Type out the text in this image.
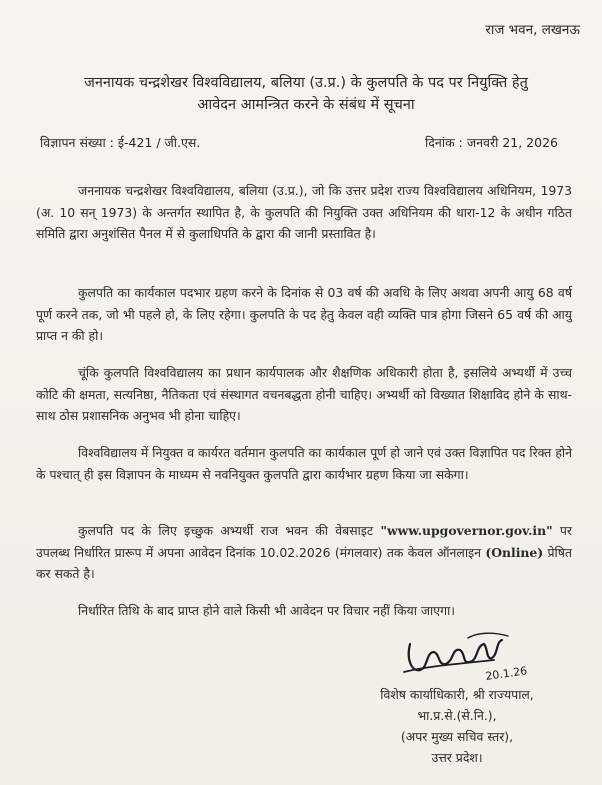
राज भवन, लखनऊ
जननायक चन्द्रशेखर विश्वविद्यालय, बलिया (उ.प्र.) के कुलपति के पद पर नियुक्ति हेतु
आवेदन आमन्त्रित करने के संबंध में सूचना
विज्ञापन संख्या : ई-421 / जी.एस.	दिनांक : जनवरी 21, 2026
जननायक चन्द्रशेखर विश्वविद्यालय, बलिया (उ.प्र.), जो कि उत्तर प्रदेश राज्य विश्वविद्यालय अधिनियम, 1973 (अ. 10 सन् 1973) के अन्तर्गत स्थापित है, के कुलपति की नियुक्ति उक्त अधिनियम की धारा-12 के अधीन गठित समिति द्वारा अनुशंसित पैनल में से कुलाधिपति के द्वारा की जानी प्रस्तावित है।
कुलपति का कार्यकाल पदभार ग्रहण करने के दिनांक से 03 वर्ष की अवधि के लिए अथवा अपनी आयु 68 वर्ष पूर्ण करने तक, जो भी पहले हो, के लिए रहेगा। कुलपति के पद हेतु केवल वही व्यक्ति पात्र होगा जिसने 65 वर्ष की आयु प्राप्त न की हो।
चूंकि कुलपति विश्वविद्यालय का प्रधान कार्यपालक और शैक्षणिक अधिकारी होता है, इसलिये अभ्यर्थी में उच्च कोटि की क्षमता, सत्यनिष्ठा, नैतिकता एवं संस्थागत वचनबद्धता होनी चाहिए। अभ्यर्थी को विख्यात शिक्षाविद होने के साथ-साथ ठोस प्रशासनिक अनुभव भी होना चाहिए।
विश्वविद्यालय में नियुक्त व कार्यरत वर्तमान कुलपति का कार्यकाल पूर्ण हो जाने एवं उक्त विज्ञापित पद रिक्त होने के पश्चात् ही इस विज्ञापन के माध्यम से नवनियुक्त कुलपति द्वारा कार्यभार ग्रहण किया जा सकेगा।
कुलपति पद के लिए इच्छुक अभ्यर्थी राज भवन की वेबसाइट "www.upgovernor.gov.in" पर उपलब्ध निर्धारित प्रारूप में अपना आवेदन दिनांक 10.02.2026 (मंगलवार) तक केवल ऑनलाइन (Online) प्रेषित कर सकते है।
निर्धारित तिथि के बाद प्राप्त होने वाले किसी भी आवेदन पर विचार नहीं किया जाएगा।
20.1.26
विशेष कार्याधिकारी, श्री राज्यपाल,
भा.प्र.से.(से.नि.),
(अपर मुख्य सचिव स्तर),
उत्तर प्रदेश।
